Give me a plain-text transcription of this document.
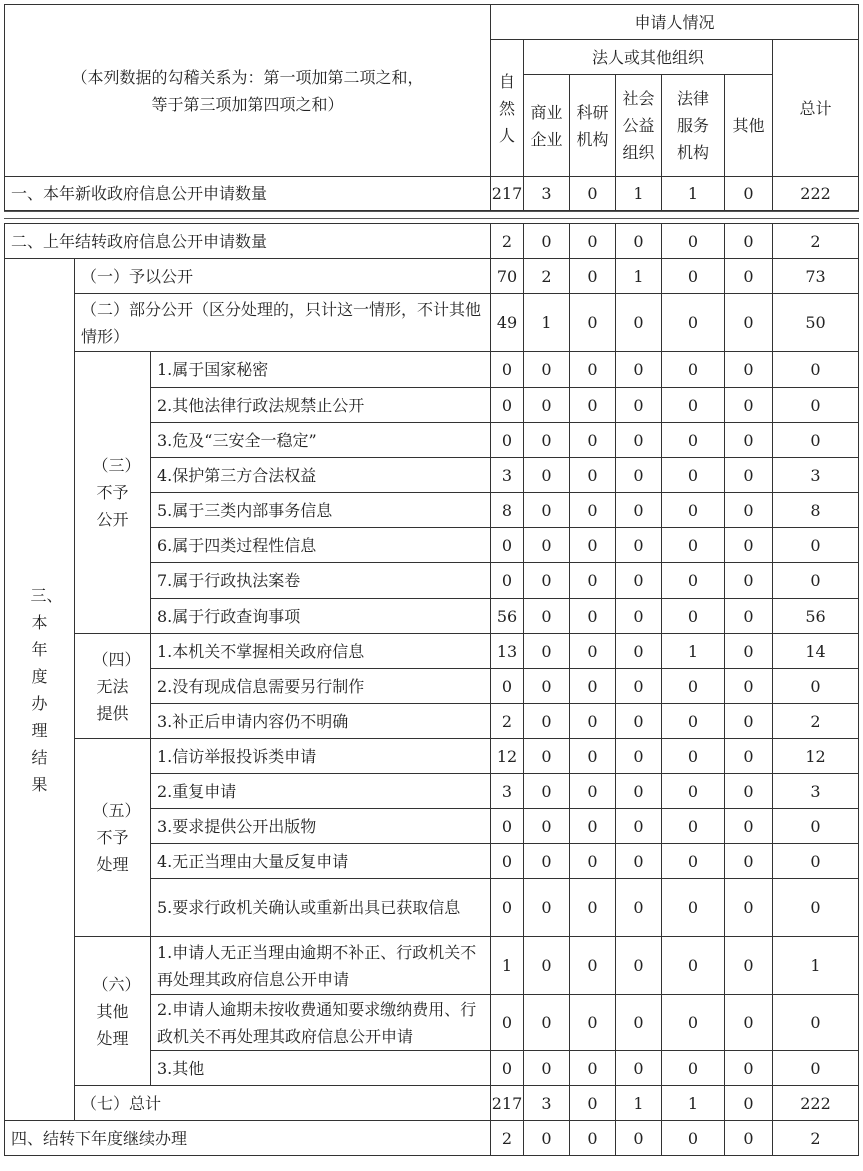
（本列数据的勾稽关系为：第一项加第二项之和，
等于第三项加第四项之和）	申请人情况						

	自然人	法人或其他组织					总计

		商业企业	科研机构	社会公益组织	法律服务机构	其他	
一、本年新收政府信息公开申请数量	217	3	0	1	1	0	222
二、上年结转政府信息公开申请数量			2	0	0	0	0	0	2

三、本年度办理结果	（一）予以公开		70	2	0	1	0	0	73
	（二）部分公开（区分处理的，只计这一情形，不计其他情形）		49	1	0	0	0	0	50

	（三）不予公开	1.属于国家秘密	0	0	0	0	0	0	0
		2.其他法律行政法规禁止公开	0	0	0	0	0	0	0
		3.危及“三安全一稳定”	0	0	0	0	0	0	0
		4.保护第三方合法权益	3	0	0	0	0	0	3
		5.属于三类内部事务信息	8	0	0	0	0	0	8
		6.属于四类过程性信息	0	0	0	0	0	0	0
		7.属于行政执法案卷	0	0	0	0	0	0	0
		8.属于行政查询事项	56	0	0	0	0	0	56

	（四）无法提供	1.本机关不掌握相关政府信息	13	0	0	0	1	0	14
		2.没有现成信息需要另行制作	0	0	0	0	0	0	0
		3.补正后申请内容仍不明确	2	0	0	0	0	0	2

	（五）不予处理	1.信访举报投诉类申请	12	0	0	0	0	0	12
		2.重复申请	3	0	0	0	0	0	3
		3.要求提供公开出版物	0	0	0	0	0	0	0
		4.无正当理由大量反复申请	0	0	0	0	0	0	0
		5.要求行政机关确认或重新出具已获取信息	0	0	0	0	0	0	0

	（六）其他处理	1.申请人无正当理由逾期不补正、行政机关不再处理其政府信息公开申请	1	0	0	0	0	0	1
		2.申请人逾期未按收费通知要求缴纳费用、行政机关不再处理其政府信息公开申请	0	0	0	0	0	0	0
		3.其他	0	0	0	0	0	0	0
	（七）总计		217	3	0	1	1	0	222
四、结转下年度继续办理			2	0	0	0	0	0	2
